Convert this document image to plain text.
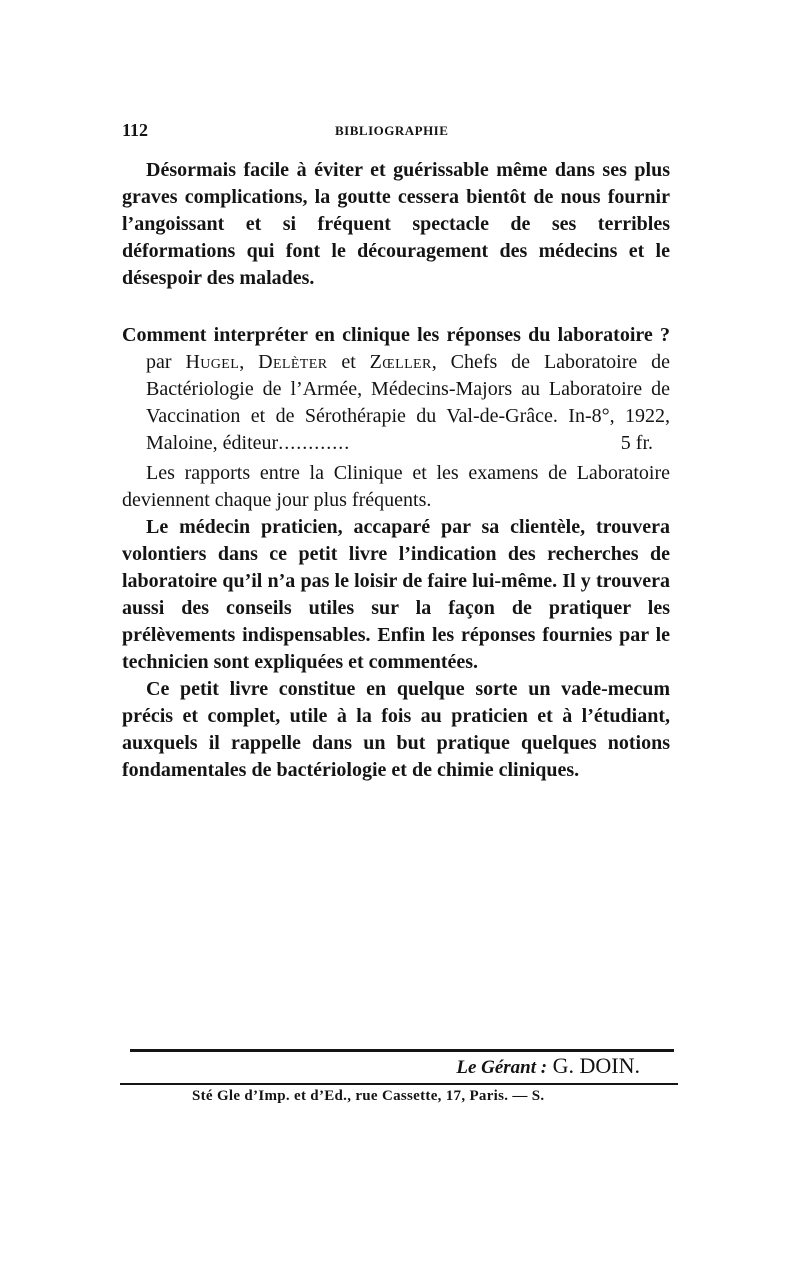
112	BIBLIOGRAPHIE

Désormais facile à éviter et guérissable même dans ses plus graves complications, la goutte cessera bientôt de nous fournir l’angoissant et si fréquent spectacle de ses terribles déformations qui font le découragement des médecins et le désespoir des malades.

Comment interpréter en clinique les réponses du laboratoire ? par Hugel, Delèter et Zœller, Chefs de Laboratoire de Bactériologie de l’Armée, Médecins-Majors au Laboratoire de Vaccination et de Sérothérapie du Val-de-Grâce. In-8°, 1922, Maloine, éditeur............	5 fr.

Les rapports entre la Clinique et les examens de Laboratoire deviennent chaque jour plus fréquents.

Le médecin praticien, accaparé par sa clientèle, trouvera volontiers dans ce petit livre l’indication des recherches de laboratoire qu’il n’a pas le loisir de faire lui-même. Il y trouvera aussi des conseils utiles sur la façon de pratiquer les prélèvements indispensables. Enfin les réponses fournies par le technicien sont expliquées et commentées.

Ce petit livre constitue en quelque sorte un vade-mecum précis et complet, utile à la fois au praticien et à l’étudiant, auxquels il rappelle dans un but pratique quelques notions fondamentales de bactériologie et de chimie cliniques.

Le Gérant : G. DOIN.
Sté Gle d’Imp. et d’Ed., rue Cassette, 17, Paris. — S.
